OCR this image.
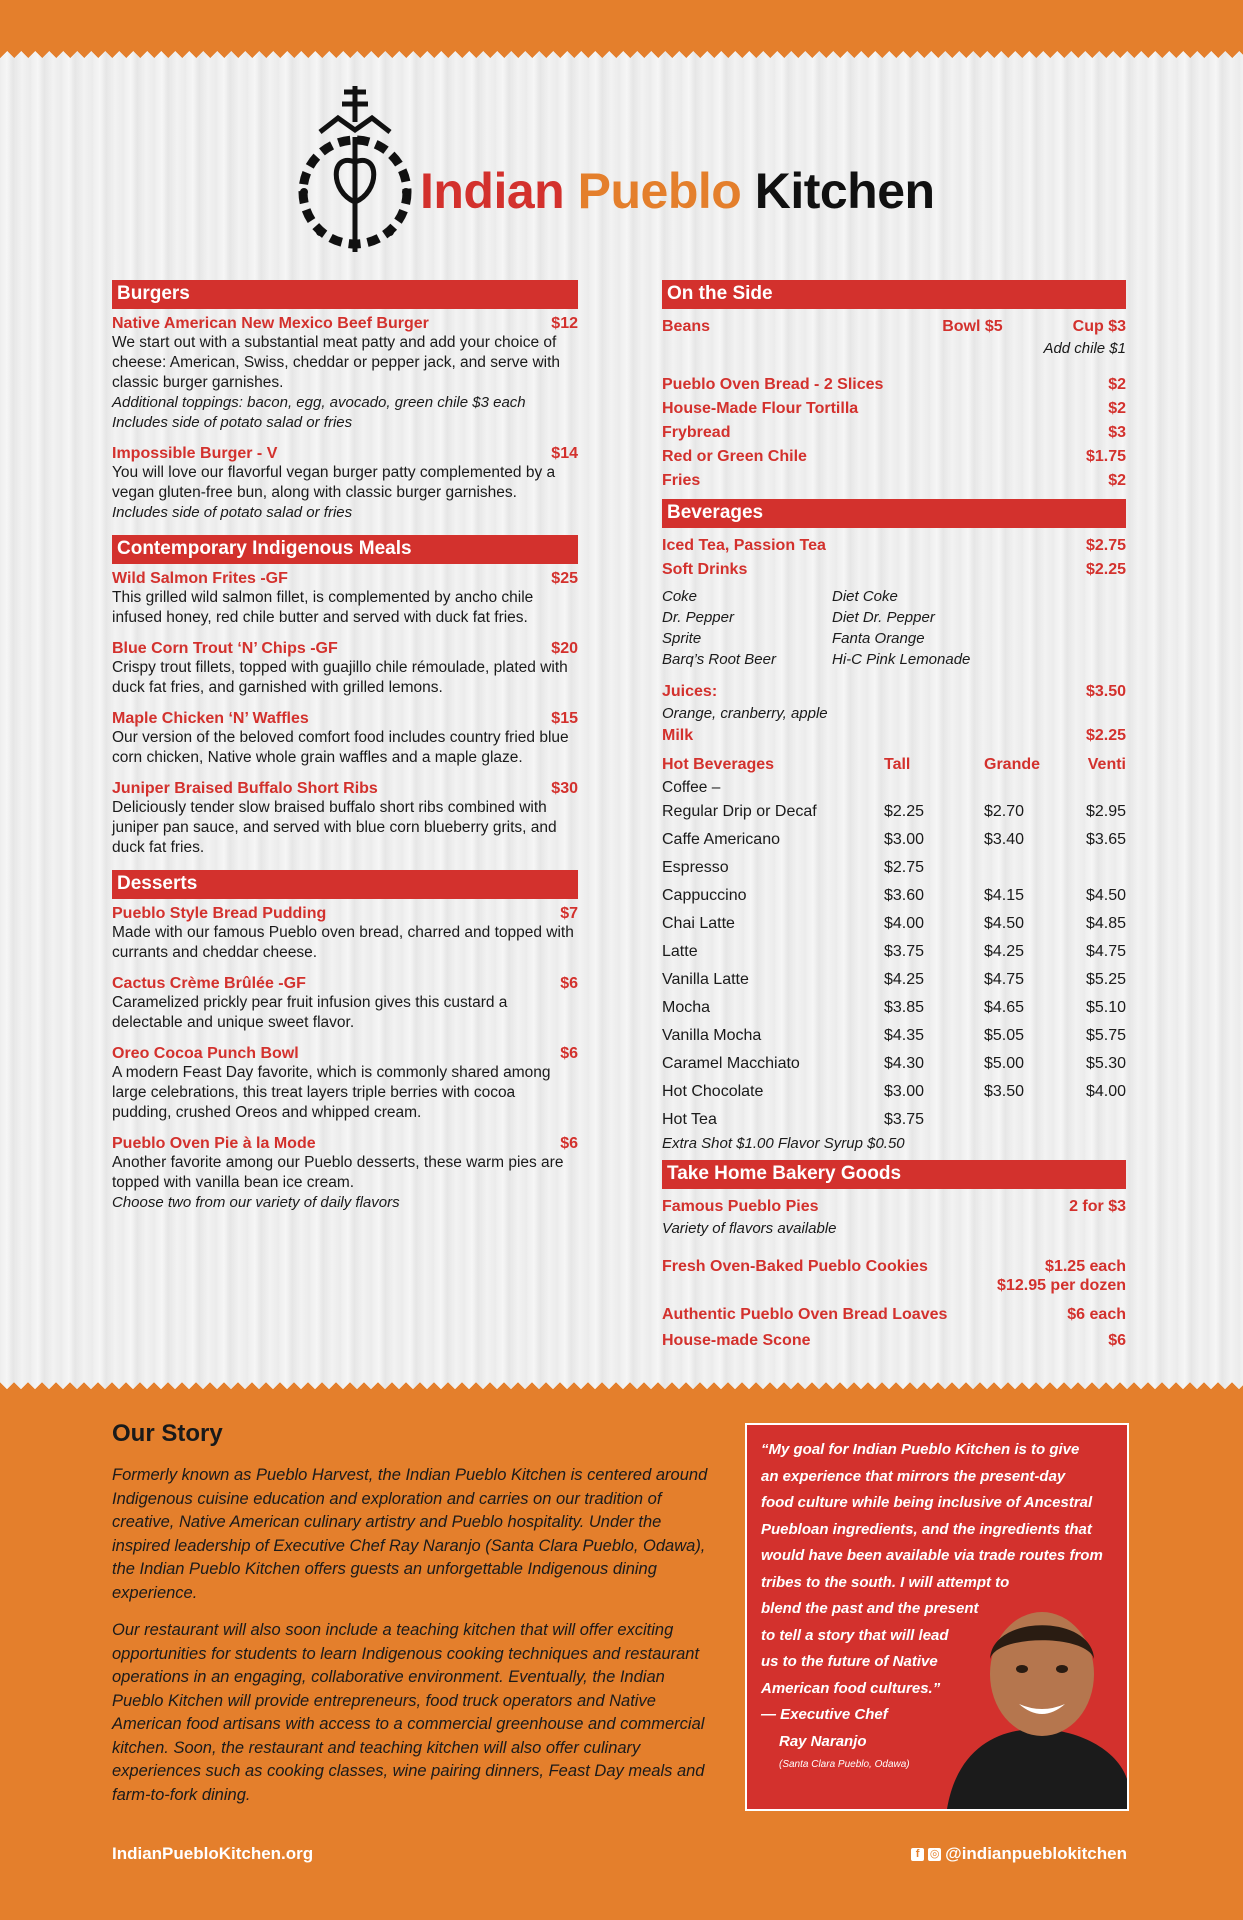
Indian Pueblo Kitchen
Burgers
Native American New Mexico Beef Burger	$12
We start out with a substantial meat patty and add your choice of cheese: American, Swiss, cheddar or pepper jack, and serve with classic burger garnishes.
Additional toppings: bacon, egg, avocado, green chile $3 each
Includes side of potato salad or fries
Impossible Burger - V	$14
You will love our flavorful vegan burger patty complemented by a vegan gluten-free bun, along with classic burger garnishes.
Includes side of potato salad or fries
Contemporary Indigenous Meals
Wild Salmon Frites -GF	$25
This grilled wild salmon fillet, is complemented by ancho chile infused honey, red chile butter and served with duck fat fries.
Blue Corn Trout ‘N’ Chips -GF	$20
Crispy trout fillets, topped with guajillo chile rémoulade, plated with duck fat fries, and garnished with grilled lemons.
Maple Chicken ‘N’ Waffles	$15
Our version of the beloved comfort food includes country fried blue corn chicken, Native whole grain waffles and a maple glaze.
Juniper Braised Buffalo Short Ribs	$30
Deliciously tender slow braised buffalo short ribs combined with juniper pan sauce, and served with blue corn blueberry grits, and duck fat fries.
Desserts
Pueblo Style Bread Pudding	$7
Made with our famous Pueblo oven bread, charred and topped with currants and cheddar cheese.
Cactus Crème Brûlée -GF	$6
Caramelized prickly pear fruit infusion gives this custard a delectable and unique sweet flavor.
Oreo Cocoa Punch Bowl	$6
A modern Feast Day favorite, which is commonly shared among large celebrations, this treat layers triple berries with cocoa pudding, crushed Oreos and whipped cream.
Pueblo Oven Pie à la Mode	$6
Another favorite among our Pueblo desserts, these warm pies are topped with vanilla bean ice cream.
Choose two from our variety of daily flavors
On the Side
Beans	Bowl $5	Cup $3
Add chile $1
Pueblo Oven Bread - 2 Slices	$2
House-Made Flour Tortilla	$2
Frybread	$3
Red or Green Chile	$1.75
Fries	$2
Beverages
Iced Tea, Passion Tea	$2.75
Soft Drinks	$2.25
Coke	Diet Coke
Dr. Pepper	Diet Dr. Pepper
Sprite	Fanta Orange
Barq’s Root Beer	Hi-C Pink Lemonade
Juices:	$3.50
Orange, cranberry, apple
Milk	$2.25
Hot Beverages	Tall	Grande	Venti
Coffee –
Regular Drip or Decaf	$2.25	$2.70	$2.95
Caffe Americano	$3.00	$3.40	$3.65
Espresso	$2.75
Cappuccino	$3.60	$4.15	$4.50
Chai Latte	$4.00	$4.50	$4.85
Latte	$3.75	$4.25	$4.75
Vanilla Latte	$4.25	$4.75	$5.25
Mocha	$3.85	$4.65	$5.10
Vanilla Mocha	$4.35	$5.05	$5.75
Caramel Macchiato	$4.30	$5.00	$5.30
Hot Chocolate	$3.00	$3.50	$4.00
Hot Tea	$3.75
Extra Shot $1.00 Flavor Syrup $0.50
Take Home Bakery Goods
Famous Pueblo Pies	2 for $3
Variety of flavors available
Fresh Oven-Baked Pueblo Cookies	$1.25 each
$12.95 per dozen
Authentic Pueblo Oven Bread Loaves	$6 each
House-made Scone	$6
Our Story

Formerly known as Pueblo Harvest, the Indian Pueblo Kitchen is centered around Indigenous cuisine education and exploration and carries on our tradition of creative, Native American culinary artistry and Pueblo hospitality. Under the inspired leadership of Executive Chef Ray Naranjo (Santa Clara Pueblo, Odawa), the Indian Pueblo Kitchen offers guests an unforgettable Indigenous dining experience.

Our restaurant will also soon include a teaching kitchen that will offer exciting opportunities for students to learn Indigenous cooking techniques and restaurant operations in an engaging, collaborative environment. Eventually, the Indian Pueblo Kitchen will provide entrepreneurs, food truck operators and Native American food artisans with access to a commercial greenhouse and commercial kitchen. Soon, the restaurant and teaching kitchen will also offer culinary experiences such as cooking classes, wine pairing dinners, Feast Day meals and farm-to-fork dining.

“My goal for Indian Pueblo Kitchen is to give
an experience that mirrors the present-day
food culture while being inclusive of Ancestral
Puebloan ingredients, and the ingredients that
would have been available via trade routes from
tribes to the south. I will attempt to
blend the past and the present
to tell a story that will lead
us to the future of Native
American food cultures.”
— Executive Chef
Ray Naranjo
(Santa Clara Pueblo, Odawa)
IndianPuebloKitchen.org	f ◎ @indianpueblokitchen
